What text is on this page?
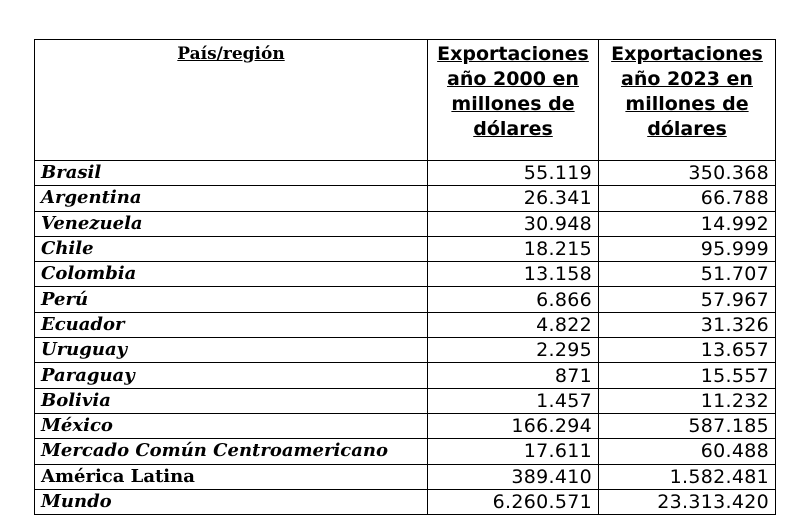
País/región	Exportaciones año 2000 en millones de dólares	Exportaciones año 2023 en millones de dólares
Brasil	55.119	350.368
Argentina	26.341	66.788
Venezuela	30.948	14.992
Chile	18.215	95.999
Colombia	13.158	51.707
Perú	6.866	57.967
Ecuador	4.822	31.326
Uruguay	2.295	13.657
Paraguay	871	15.557
Bolivia	1.457	11.232
México	166.294	587.185
Mercado Común Centroamericano	17.611	60.488
América Latina	389.410	1.582.481
Mundo	6.260.571	23.313.420
